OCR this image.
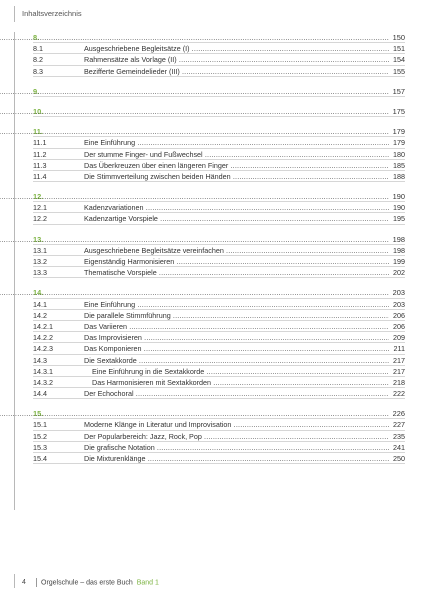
Inhaltsverzeichnis
8. .....	150
8.1	Ausgeschriebene Begleitsätze (I) .....	151
8.2	Rahmensätze als Vorlage (II) .....	154
8.3	Bezifferte Gemeindelieder (III) .....	155
9. .....	157
10. .....	175
11. .....	179
11.1	Eine Einführung .....	179
11.2	Der stumme Finger- und Fußwechsel .....	180
11.3	Das Überkreuzen über einen längeren Finger .....	185
11.4	Die Stimmverteilung zwischen beiden Händen .....	188
12. .....	190
12.1	Kadenzvariationen .....	190
12.2	Kadenzartige Vorspiele .....	195
13. .....	198
13.1	Ausgeschriebene Begleitsätze vereinfachen .....	198
13.2	Eigenständig Harmonisieren .....	199
13.3	Thematische Vorspiele .....	202
14. .....	203
14.1	Eine Einführung .....	203
14.2	Die parallele Stimmführung .....	206
14.2.1	Das Variieren .....	206
14.2.2	Das Improvisieren .....	209
14.2.3	Das Komponieren .....	211
14.3	Die Sextakkorde .....	217
14.3.1	Eine Einführung in die Sextakkorde .....	217
14.3.2	Das Harmonisieren mit Sextakkorden .....	218
14.4	Der Echochoral .....	222
15. .....	226
15.1	Moderne Klänge in Literatur und Improvisation .....	227
15.2	Der Popularbereich: Jazz, Rock, Pop .....	235
15.3	Die grafische Notation .....	241
15.4	Die Mixturenklänge .....	250
4 Orgelschule – das erste Buch Band 1
